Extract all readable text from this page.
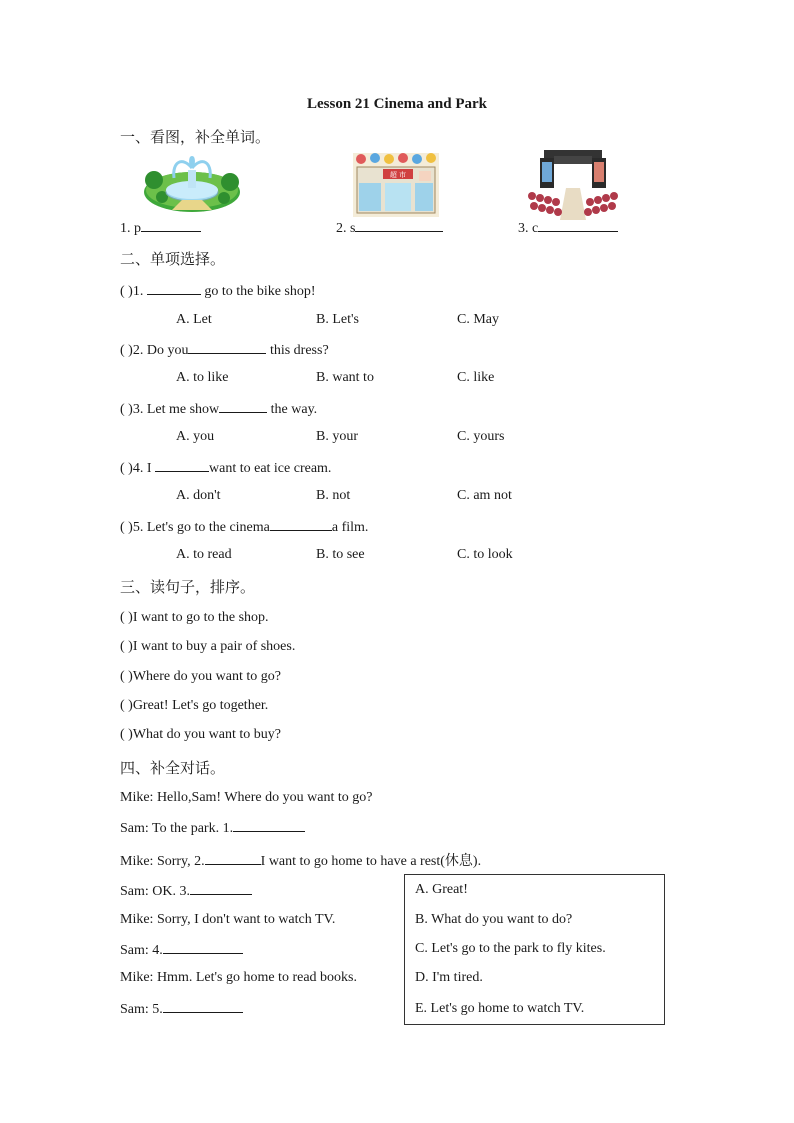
Lesson 21 Cinema and Park
一、看图，补全单词。
超 市
1. p	2. s	3. c
二、单项选择。
( )1.	go to the bike shop!
A. Let	B. Let's	C. May
( )2. Do you	this dress?
A. to like	B. want to	C. like
( )3. Let me show	the way.
A. you	B. your	C. yours
( )4. I	want to eat ice cream.
A. don't	B. not	C. am not
( )5. Let's go to the cinema	a film.
A. to read	B. to see	C. to look
三、读句子，排序。
( )I want to go to the shop.
( )I want to buy a pair of shoes.
( )Where do you want to go?
( )Great! Let's go together.
( )What do you want to buy?
四、补全对话。
Mike: Hello,Sam! Where do you want to go?
Sam: To the park. 1.
Mike: Sorry, 2.	I want to go home to have a rest(休息).
Sam: OK. 3.
Mike: Sorry, I don't want to watch TV.
Sam: 4.
Mike: Hmm. Let's go home to read books.
Sam: 5.
A. Great!
B. What do you want to do?
C. Let's go to the park to fly kites.
D. I'm tired.
E. Let's go home to watch TV.
